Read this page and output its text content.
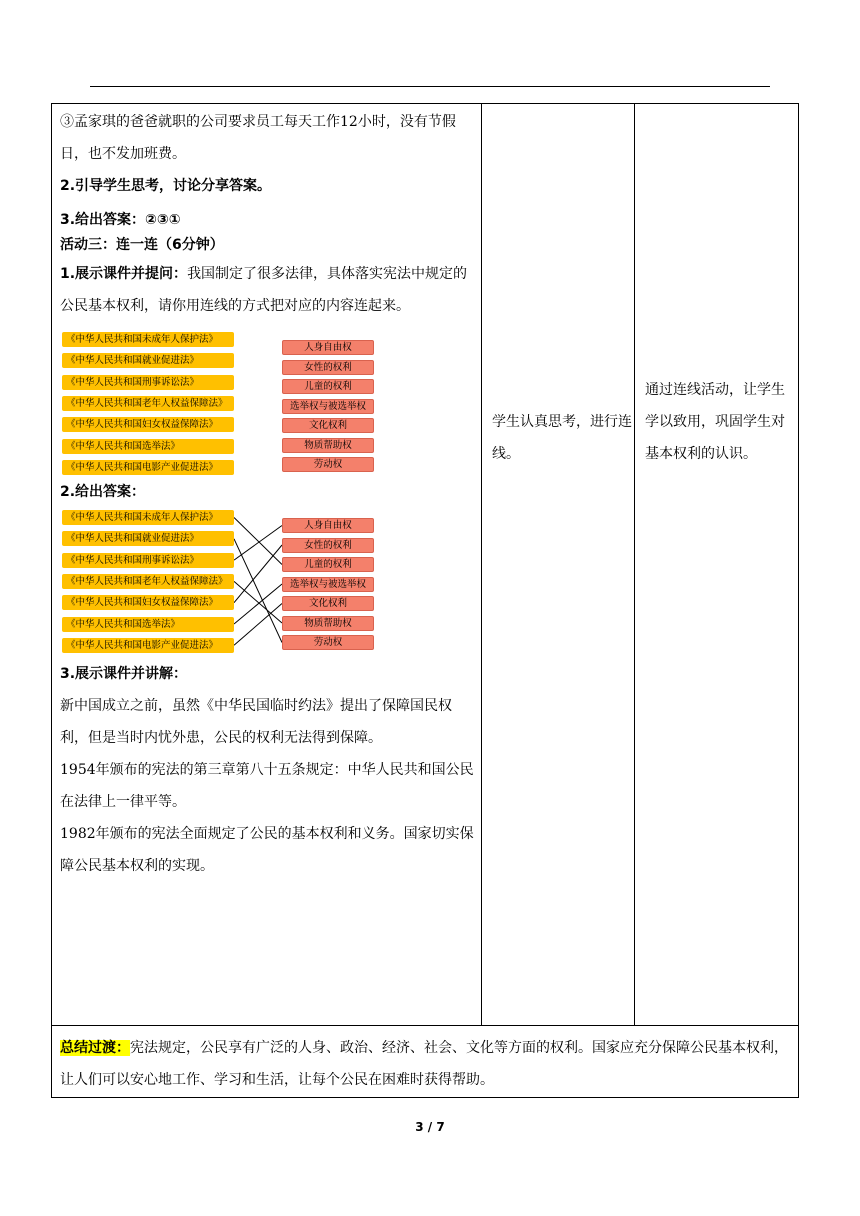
③孟家琪的爸爸就职的公司要求员工每天工作12小时，没有节假日，也不发加班费。

2.引导学生思考，讨论分享答案。

3.给出答案：②③①

活动三：连一连（6分钟）

1.展示课件并提问：我国制定了很多法律，具体落实宪法中规定的公民基本权利，请你用连线的方式把对应的内容连起来。

《中华人民共和国未成年人保护法》
《中华人民共和国就业促进法》
《中华人民共和国刑事诉讼法》
《中华人民共和国老年人权益保障法》
《中华人民共和国妇女权益保障法》
《中华人民共和国选举法》
《中华人民共和国电影产业促进法》
人身自由权
女性的权利
儿童的权利
选举权与被选举权
文化权利
物质帮助权
劳动权

2.给出答案：

《中华人民共和国未成年人保护法》
《中华人民共和国就业促进法》
《中华人民共和国刑事诉讼法》
《中华人民共和国老年人权益保障法》
《中华人民共和国妇女权益保障法》
《中华人民共和国选举法》
《中华人民共和国电影产业促进法》
人身自由权
女性的权利
儿童的权利
选举权与被选举权
文化权利
物质帮助权
劳动权

3.展示课件并讲解：

新中国成立之前，虽然《中华民国临时约法》提出了保障国民权利，但是当时内忧外患，公民的权利无法得到保障。

1954年颁布的宪法的第三章第八十五条规定：中华人民共和国公民在法律上一律平等。

1982年颁布的宪法全面规定了公民的基本权利和义务。国家切实保障公民基本权利的实现。

学生认真思考，进行连线。
通过连线活动，让学生学以致用，巩固学生对基本权利的认识。
总结过渡：宪法规定，公民享有广泛的人身、政治、经济、社会、文化等方面的权利。国家应充分保障公民基本权利，让人们可以安心地工作、学习和生活，让每个公民在困难时获得帮助。
3 / 7
